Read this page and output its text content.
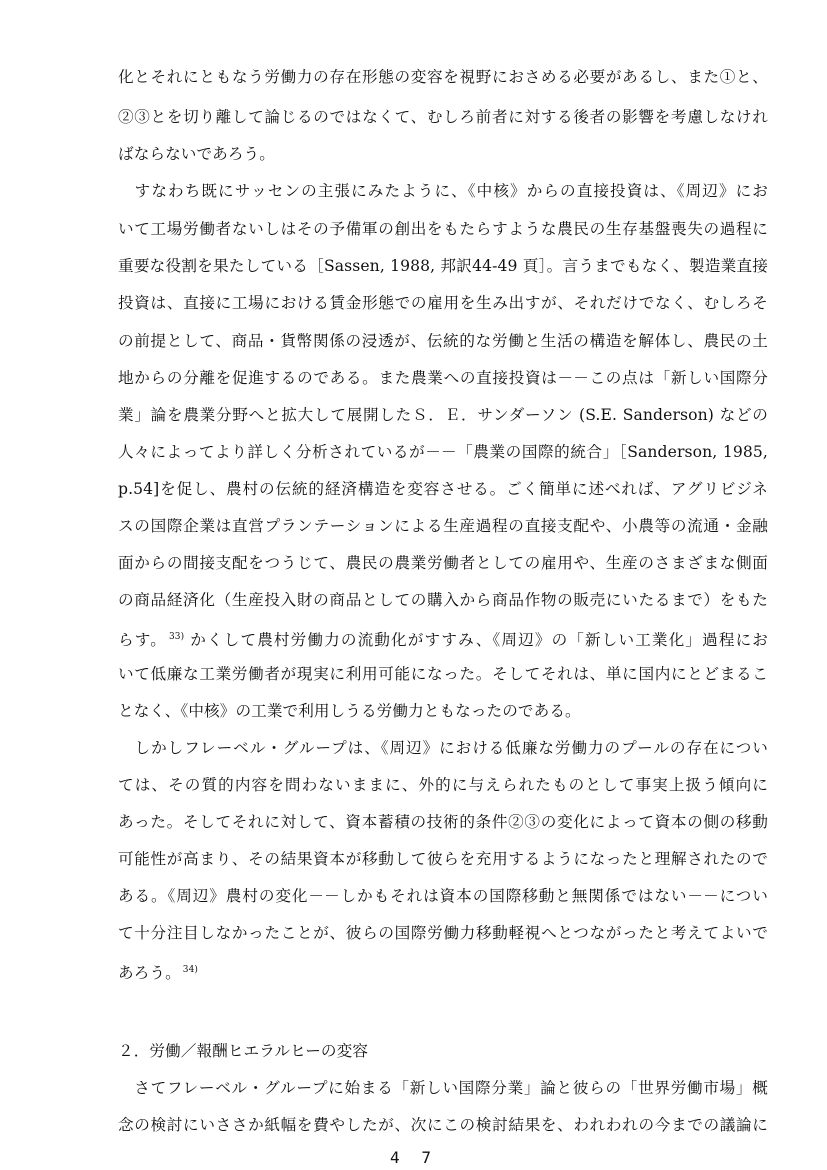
化とそれにともなう労働力の存在形態の変容を視野におさめる必要があるし、また①と、
②③とを切り離して論じるのではなくて、むしろ前者に対する後者の影響を考慮しなけれ
ばならないであろう。
　すなわち既にサッセンの主張にみたように、《中核》からの直接投資は、《周辺》にお
いて工場労働者ないしはその予備軍の創出をもたらすような農民の生存基盤喪失の過程に
重要な役割を果たしている［Sassen, 1988, 邦訳44-49 頁］。言うまでもなく、製造業直接
投資は、直接に工場における賃金形態での雇用を生み出すが、それだけでなく、むしろそ
の前提として、商品・貨幣関係の浸透が、伝統的な労働と生活の構造を解体し、農民の土
地からの分離を促進するのである。また農業への直接投資は－－この点は「新しい国際分
業」論を農業分野へと拡大して展開したＳ．Ｅ．サンダーソン (S.E. Sanderson) などの
人々によってより詳しく分析されているが－－「農業の国際的統合」［Sanderson, 1985,
p.54]を促し、農村の伝統的経済構造を変容させる。ごく簡単に述べれば、アグリビジネ
スの国際企業は直営プランテーションによる生産過程の直接支配や、小農等の流通・金融
面からの間接支配をつうじて、農民の農業労働者としての雇用や、生産のさまざまな側面
の商品経済化（生産投入財の商品としての購入から商品作物の販売にいたるまで）をもた
らす。 $^{33)}$ かくして農村労働力の流動化がすすみ、《周辺》の「新しい工業化」過程にお
いて低廉な工業労働者が現実に利用可能になった。そしてそれは、単に国内にとどまるこ
となく、《中核》の工業で利用しうる労働力ともなったのである。
　しかしフレーベル・グループは、《周辺》における低廉な労働力のプールの存在につい
ては、その質的内容を問わないままに、外的に与えられたものとして事実上扱う傾向に
あった。そしてそれに対して、資本蓄積の技術的条件②③の変化によって資本の側の移動
可能性が高まり、その結果資本が移動して彼らを充用するようになったと理解されたので
ある。《周辺》農村の変化－－しかもそれは資本の国際移動と無関係ではない－－につい
て十分注目しなかったことが、彼らの国際労働力移動軽視へとつながったと考えてよいで
あろう。 $^{34)}$
２．労働／報酬ヒエラルヒーの変容
　さてフレーベル・グループに始まる「新しい国際分業」論と彼らの「世界労働市場」概
念の検討にいささか紙幅を費やしたが、次にこの検討結果を、われわれの今までの議論に
4 7
